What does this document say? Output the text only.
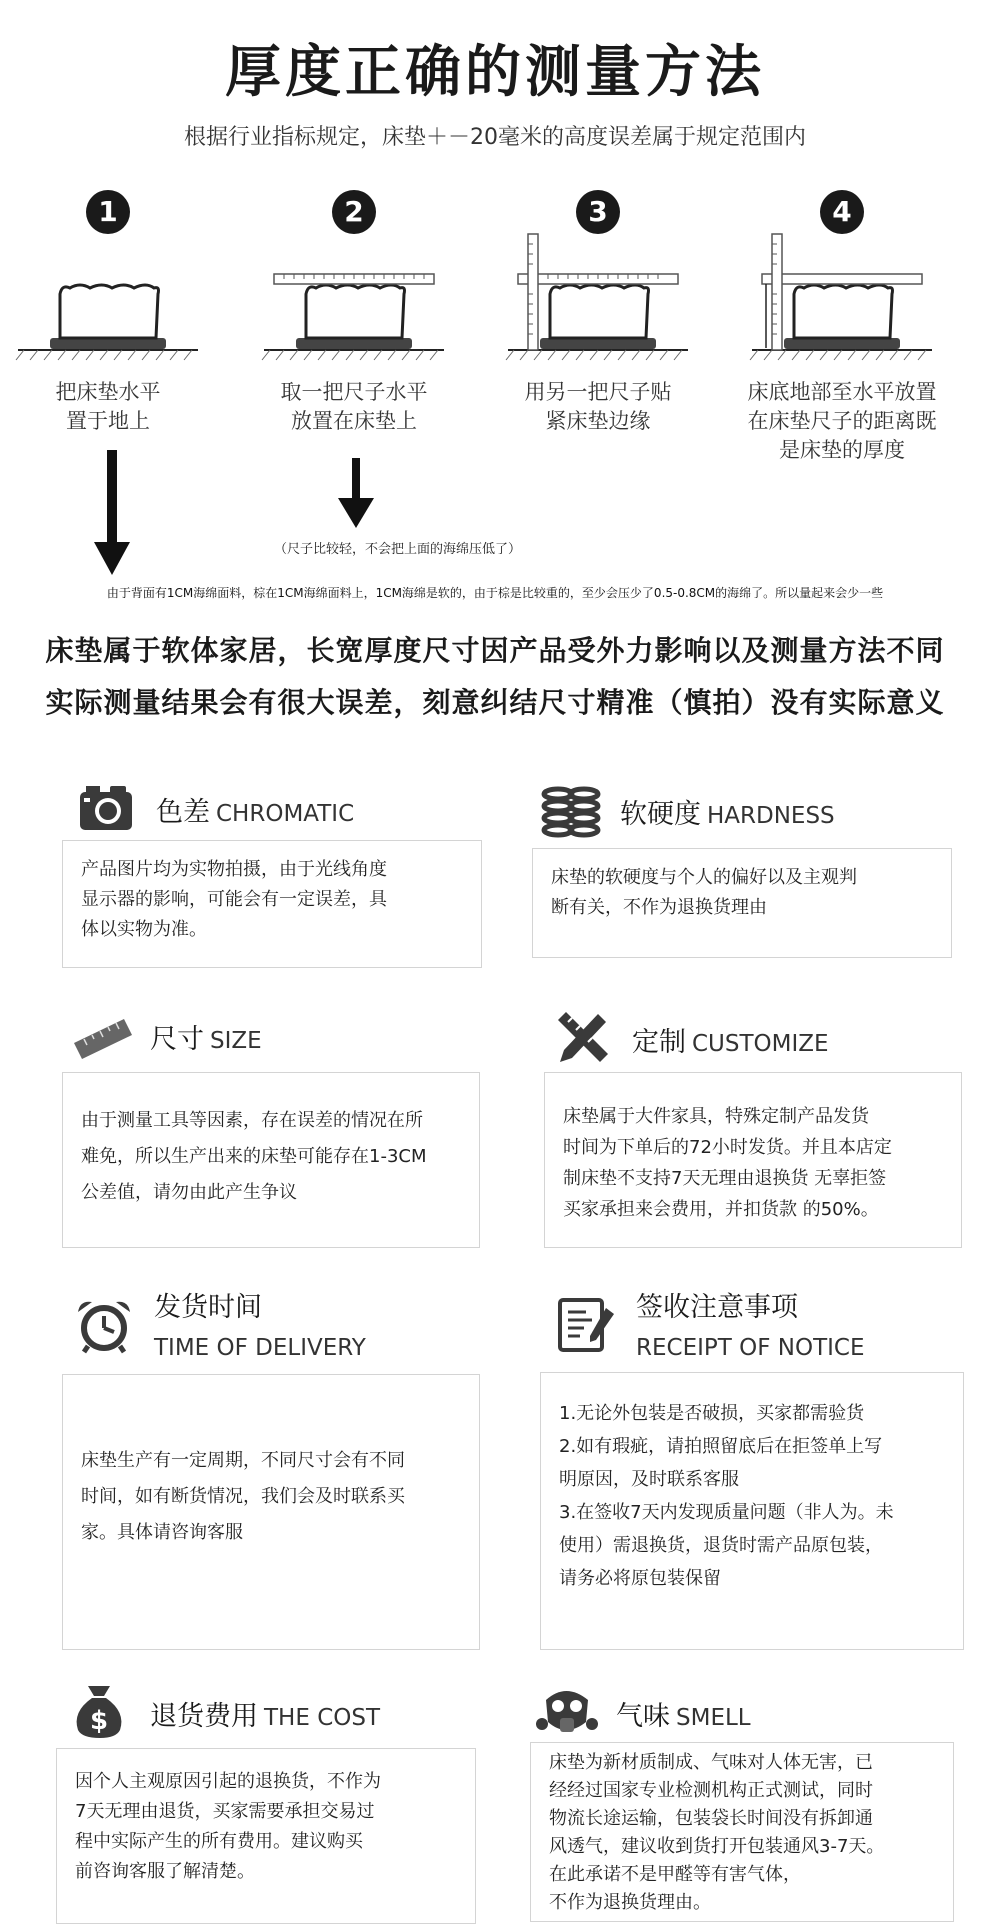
厚度正确的测量方法
根据行业指标规定，床垫＋－20毫米的高度误差属于规定范围内
1
把床垫水平
置于地上
2
取一把尺子水平
放置在床垫上
3
用另一把尺子贴
紧床垫边缘
4
床底地部至水平放置
在床垫尺子的距离既
是床垫的厚度
（尺子比较轻，不会把上面的海绵压低了）
由于背面有1CM海绵面料，棕在1CM海绵面料上，1CM海绵是软的，由于棕是比较重的，至少会压少了0.5-0.8CM的海绵了。所以量起来会少一些
床垫属于软体家居，长宽厚度尺寸因产品受外力影响以及测量方法不同
实际测量结果会有很大误差，刻意纠结尺寸精准（慎拍）没有实际意义
色差 CHROMATIC
产品图片均为实物拍摄，由于光线角度
显示器的影响，可能会有一定误差，具
体以实物为准。
软硬度 HARDNESS
床垫的软硬度与个人的偏好以及主观判
断有关，不作为退换货理由
尺寸 SIZE
由于测量工具等因素，存在误差的情况在所
难免，所以生产出来的床垫可能存在1-3CM
公差值，请勿由此产生争议
定制 CUSTOMIZE
床垫属于大件家具，特殊定制产品发货
时间为下单后的72小时发货。并且本店定
制床垫不支持7天无理由退换货 无辜拒签
买家承担来会费用，并扣货款 的50%。
发货时间
TIME OF DELIVERY
床垫生产有一定周期，不同尺寸会有不同
时间，如有断货情况，我们会及时联系买
家。具体请咨询客服
签收注意事项
RECEIPT OF NOTICE
1.无论外包装是否破损，买家都需验货
2.如有瑕疵，请拍照留底后在拒签单上写
明原因，及时联系客服
3.在签收7天内发现质量问题（非人为。未
使用）需退换货，退货时需产品原包装，
请务必将原包装保留
$ 退货费用 THE COST
因个人主观原因引起的退换货，不作为
7天无理由退货，买家需要承担交易过
程中实际产生的所有费用。建议购买
前咨询客服了解清楚。
气味 SMELL
床垫为新材质制成、气味对人体无害，已
经经过国家专业检测机构正式测试，同时
物流长途运输，包装袋长时间没有拆卸通
风透气，建议收到货打开包装通风3-7天。
在此承诺不是甲醛等有害气体，
不作为退换货理由。
